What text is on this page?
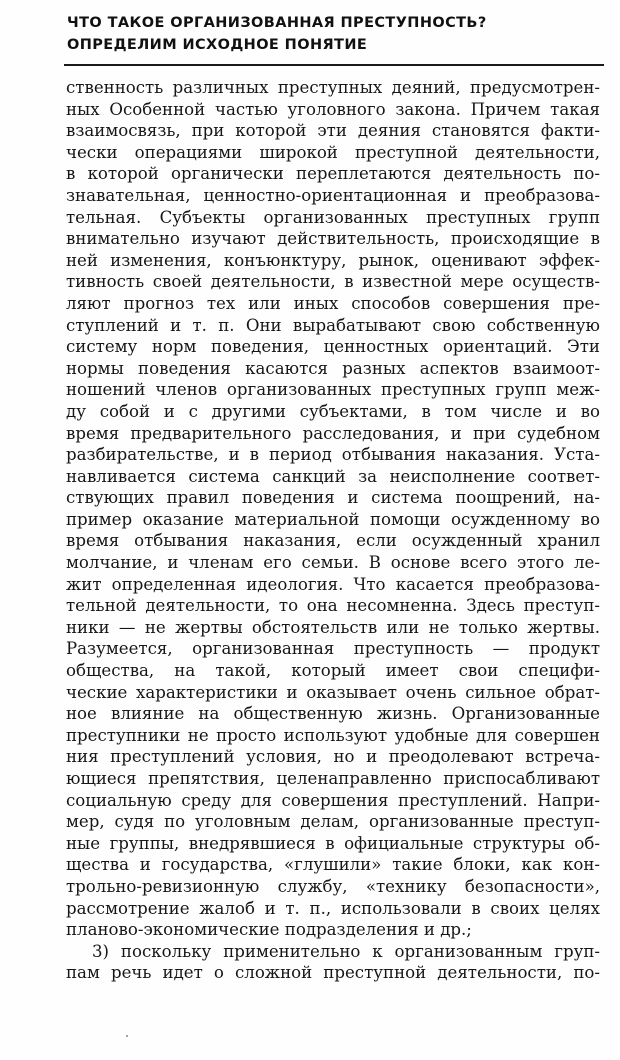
ЧТО ТАКОЕ ОРГАНИЗОВАННАЯ ПРЕСТУПНОСТЬ?
ОПРЕДЕЛИМ ИСХОДНОЕ ПОНЯТИЕ
ственность различных преступных деяний, предусмотрен-
ных Особенной частью уголовного закона. Причем такая
взаимосвязь, при которой эти деяния становятся факти-
чески операциями широкой преступной деятельности,
в которой органически переплетаются деятельность по-
знавательная, ценностно-ориентационная и преобразова-
тельная. Субъекты организованных преступных групп
внимательно изучают действительность, происходящие в
ней изменения, конъюнктуру, рынок, оценивают эффек-
тивность своей деятельности, в известной мере осуществ-
ляют прогноз тех или иных способов совершения пре-
ступлений и т. п. Они вырабатывают свою собственную
систему норм поведения, ценностных ориентаций. Эти
нормы поведения касаются разных аспектов взаимоот-
ношений членов организованных преступных групп меж-
ду собой и с другими субъектами, в том числе и во
время предварительного расследования, и при судебном
разбирательстве, и в период отбывания наказания. Уста-
навливается система санкций за неисполнение соответ-
ствующих правил поведения и система поощрений, на-
пример оказание материальной помощи осужденному во
время отбывания наказания, если осужденный хранил
молчание, и членам его семьи. В основе всего этого ле-
жит определенная идеология. Что касается преобразова-
тельной деятельности, то она несомненна. Здесь преступ-
ники — не жертвы обстоятельств или не только жертвы.
Разумеется, организованная преступность — продукт
общества, на такой, который имеет свои специфи-
ческие характеристики и оказывает очень сильное обрат-
ное влияние на общественную жизнь. Организованные
преступники не просто используют удобные для совершен
ния преступлений условия, но и преодолевают встреча-
ющиеся препятствия, целенаправленно приспосабливают
социальную среду для совершения преступлений. Напри-
мер, судя по уголовным делам, организованные преступ-
ные группы, внедрявшиеся в официальные структуры об-
щества и государства, «глушили» такие блоки, как кон-
трольно-ревизионную службу, «технику безопасности»,
рассмотрение жалоб и т. п., использовали в своих целях
планово-экономические подразделения и др.;
3) поскольку применительно к организованным груп-
пам речь идет о сложной преступной деятельности, по-
